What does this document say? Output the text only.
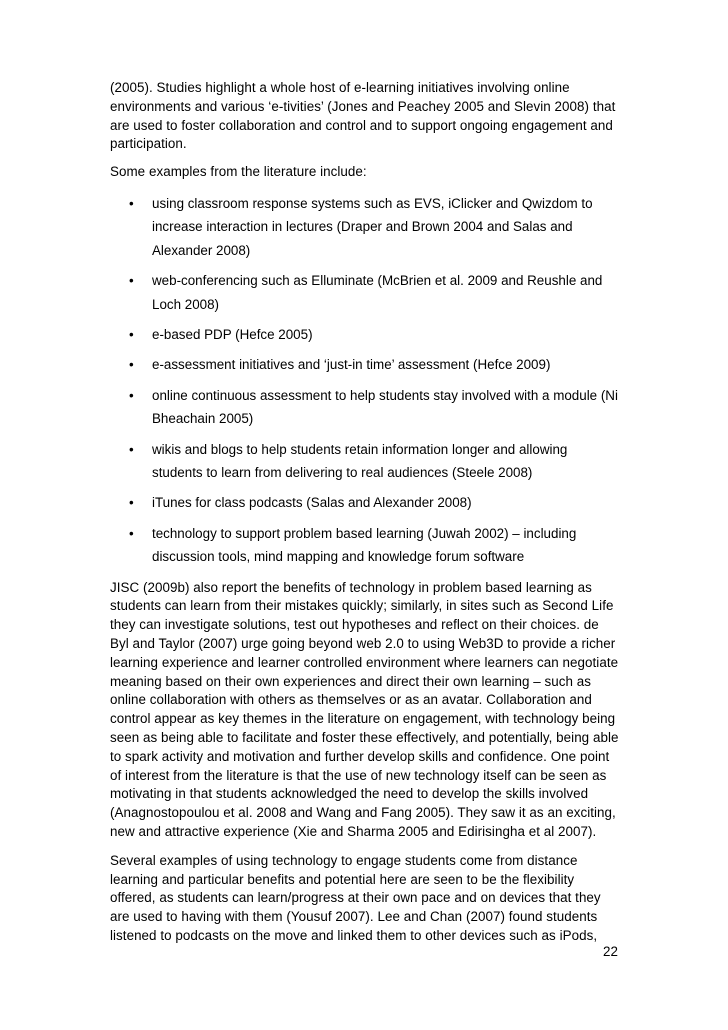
(2005). Studies highlight a whole host of e-learning initiatives involving online environments and various ‘e-tivities’ (Jones and Peachey 2005 and Slevin 2008) that are used to foster collaboration and control and to support ongoing engagement and participation.

Some examples from the literature include:

• using classroom response systems such as EVS, iClicker and Qwizdom to increase interaction in lectures (Draper and Brown 2004 and Salas and Alexander 2008)
• web-conferencing such as Elluminate (McBrien et al. 2009 and Reushle and Loch 2008)
• e-based PDP (Hefce 2005)
• e-assessment initiatives and ‘just-in time’ assessment (Hefce 2009)
• online continuous assessment to help students stay involved with a module (Ni Bheachain 2005)
• wikis and blogs to help students retain information longer and allowing students to learn from delivering to real audiences (Steele 2008)
• iTunes for class podcasts (Salas and Alexander 2008)
• technology to support problem based learning (Juwah 2002) – including discussion tools, mind mapping and knowledge forum software

JISC (2009b) also report the benefits of technology in problem based learning as students can learn from their mistakes quickly; similarly, in sites such as Second Life they can investigate solutions, test out hypotheses and reflect on their choices. de Byl and Taylor (2007) urge going beyond web 2.0 to using Web3D to provide a richer learning experience and learner controlled environment where learners can negotiate meaning based on their own experiences and direct their own learning – such as online collaboration with others as themselves or as an avatar. Collaboration and control appear as key themes in the literature on engagement, with technology being seen as being able to facilitate and foster these effectively, and potentially, being able to spark activity and motivation and further develop skills and confidence. One point of interest from the literature is that the use of new technology itself can be seen as motivating in that students acknowledged the need to develop the skills involved (Anagnostopoulou et al. 2008 and Wang and Fang 2005). They saw it as an exciting, new and attractive experience (Xie and Sharma 2005 and Edirisingha et al 2007).

Several examples of using technology to engage students come from distance learning and particular benefits and potential here are seen to be the flexibility offered, as students can learn/progress at their own pace and on devices that they are used to having with them (Yousuf 2007). Lee and Chan (2007) found students listened to podcasts on the move and linked them to other devices such as iPods,

22
